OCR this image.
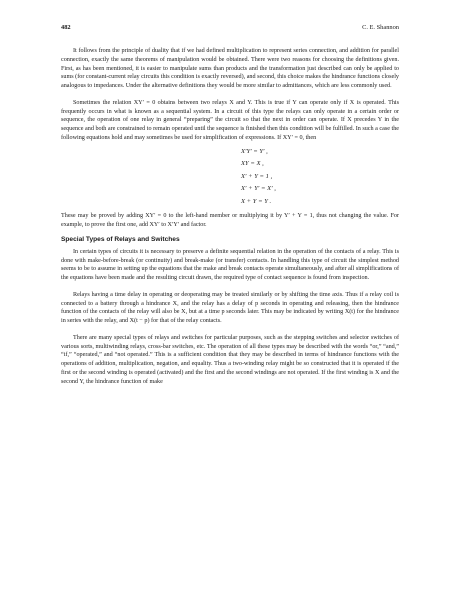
482	C. E. Shannon

It follows from the principle of duality that if we had defined multiplication to represent series connection, and addition for parallel connection, exactly the same theorems of manipulation would be obtained. There were two reasons for choosing the definitions given. First, as has been mentioned, it is easier to manipulate sums than products and the transformation just described can only be applied to sums (for constant-current relay circuits this condition is exactly reversed), and second, this choice makes the hindrance functions closely analogous to impedances. Under the alternative definitions they would be more similar to admittances, which are less commonly used.

Sometimes the relation XY′ = 0 obtains between two relays X and Y. This is true if Y can operate only if X is operated. This frequently occurs in what is known as a sequential system. In a circuit of this type the relays can only operate in a certain order or sequence, the operation of one relay in general “preparing” the circuit so that the next in order can operate. If X precedes Y in the sequence and both are constrained to remain operated until the sequence is finished then this condition will be fulfilled. In such a case the following equations hold and may sometimes be used for simplification of expressions. If XY′ = 0, then

X′Y′ = Y′ ,
XY = X ,
X′ + Y = 1 ,
X′ + Y′ = X′ ,
X + Y = Y .

These may be proved by adding XY′ = 0 to the left-hand member or multiplying it by Y′ + Y = 1, thus not changing the value. For example, to prove the first one, add XY′ to X′Y′ and factor.

Special Types of Relays and Switches

In certain types of circuits it is necessary to preserve a definite sequential relation in the operation of the contacts of a relay. This is done with make-before-break (or continuity) and break-make (or transfer) contacts. In handling this type of circuit the simplest method seems to be to assume in setting up the equations that the make and break contacts operate simultaneously, and after all simplifications of the equations have been made and the resulting circuit drawn, the required type of contact sequence is found from inspection.

Relays having a time delay in operating or deoperating may be treated similarly or by shifting the time axis. Thus if a relay coil is connected to a battery through a hindrance X, and the relay has a delay of p seconds in operating and releasing, then the hindrance function of the contacts of the relay will also be X, but at a time p seconds later. This may be indicated by writing X(t) for the hindrance in series with the relay, and X(t − p) for that of the relay contacts.

There are many special types of relays and switches for particular purposes, such as the stepping switches and selector switches of various sorts, multiwinding relays, cross-bar switches, etc. The operation of all these types may be described with the words “or,” “and,” “if,” “operated,” and “not operated.” This is a sufficient condition that they may be described in terms of hindrance functions with the operations of addition, multiplication, negation, and equality. Thus a two-winding relay might be so constructed that it is operated if the first or the second winding is operated (activated) and the first and the second windings are not operated. If the first winding is X and the second Y, the hindrance function of make
